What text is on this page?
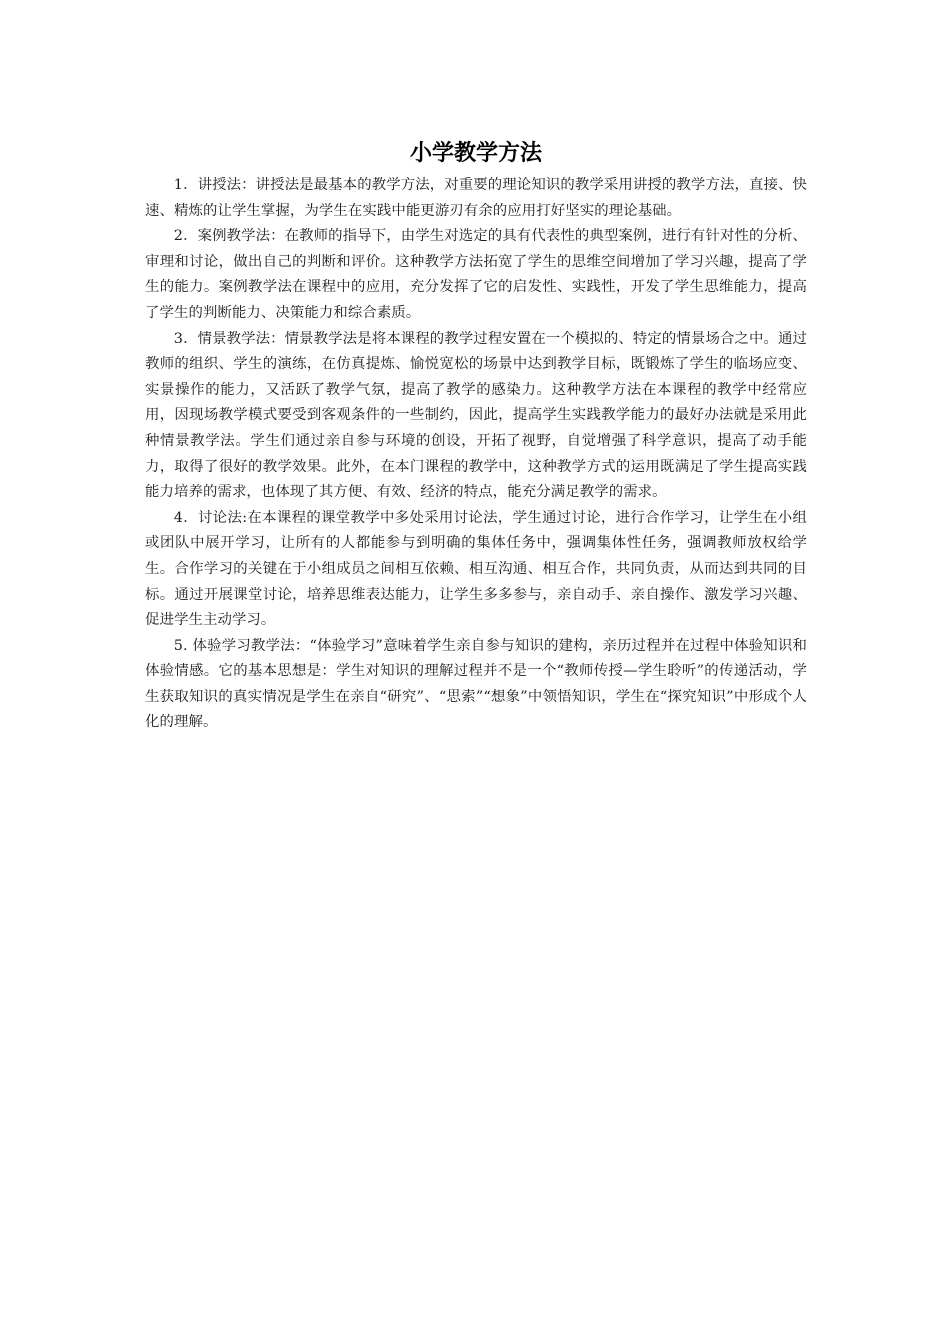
小学教学方法

1．讲授法：讲授法是最基本的教学方法，对重要的理论知识的教学采用讲授的教学方法，直接、快速、精炼的让学生掌握，为学生在实践中能更游刃有余的应用打好坚实的理论基础。

2．案例教学法：在教师的指导下，由学生对选定的具有代表性的典型案例，进行有针对性的分析、审理和讨论，做出自己的判断和评价。这种教学方法拓宽了学生的思维空间增加了学习兴趣，提高了学生的能力。案例教学法在课程中的应用，充分发挥了它的启发性、实践性，开发了学生思维能力，提高了学生的判断能力、决策能力和综合素质。

3．情景教学法：情景教学法是将本课程的教学过程安置在一个模拟的、特定的情景场合之中。通过教师的组织、学生的演练，在仿真提炼、愉悦宽松的场景中达到教学目标，既锻炼了学生的临场应变、实景操作的能力，又活跃了教学气氛，提高了教学的感染力。这种教学方法在本课程的教学中经常应用，因现场教学模式要受到客观条件的一些制约，因此，提高学生实践教学能力的最好办法就是采用此种情景教学法。学生们通过亲自参与环境的创设，开拓了视野，自觉增强了科学意识，提高了动手能力，取得了很好的教学效果。此外，在本门课程的教学中，这种教学方式的运用既满足了学生提高实践能力培养的需求，也体现了其方便、有效、经济的特点，能充分满足教学的需求。

4．讨论法:在本课程的课堂教学中多处采用讨论法，学生通过讨论，进行合作学习，让学生在小组或团队中展开学习，让所有的人都能参与到明确的集体任务中，强调集体性任务，强调教师放权给学生。合作学习的关键在于小组成员之间相互依赖、相互沟通、相互合作，共同负责，从而达到共同的目标。通过开展课堂讨论，培养思维表达能力，让学生多多参与，亲自动手、亲自操作、激发学习兴趣、促进学生主动学习。

5. 体验学习教学法：“体验学习”意味着学生亲自参与知识的建构，亲历过程并在过程中体验知识和体验情感。它的基本思想是：学生对知识的理解过程并不是一个“教师传授—学生聆听”的传递活动，学生获取知识的真实情况是学生在亲自“研究”、“思索”“想象”中领悟知识，学生在“探究知识”中形成个人化的理解。
